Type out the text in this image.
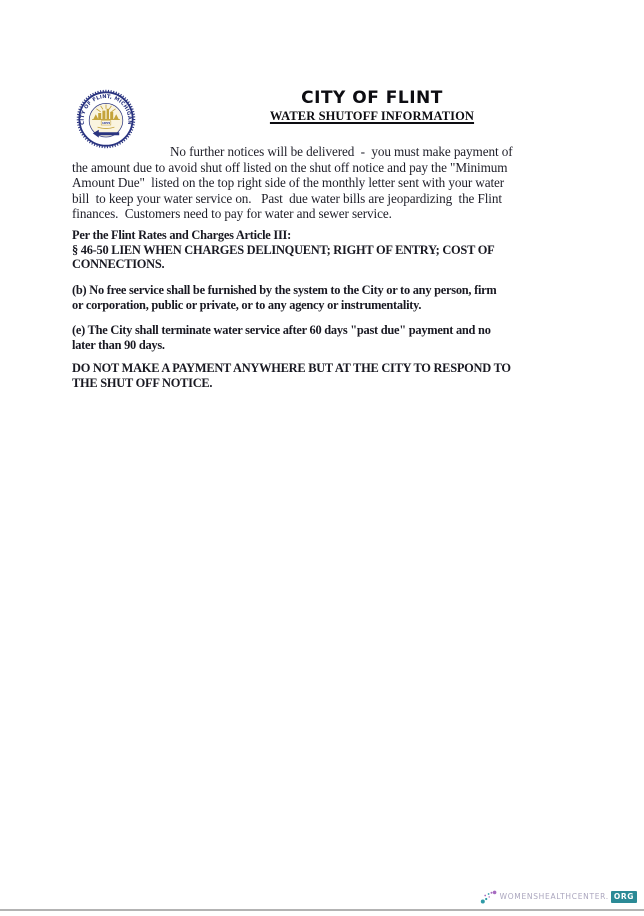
CITY OF FLINT, MICHIGAN
1855
CITY OF FLINT
WATER SHUTOFF INFORMATION
No further notices will be delivered  -  you must make payment of
the amount due to avoid shut off listed on the shut off notice and pay the "Minimum
Amount Due"  listed on the top right side of the monthly letter sent with your water
bill  to keep your water service on.   Past  due water bills are jeopardizing  the Flint
finances.  Customers need to pay for water and sewer service.
Per the Flint Rates and Charges Article III:
§ 46-50 LIEN WHEN CHARGES DELINQUENT; RIGHT OF ENTRY; COST OF
CONNECTIONS.
(b) No free service shall be furnished by the system to the City or to any person, firm
or corporation, public or private, or to any agency or instrumentality.
(e) The City shall terminate water service after 60 days "past due" payment and no
later than 90 days.
DO NOT MAKE A PAYMENT ANYWHERE BUT AT THE CITY TO RESPOND TO
THE SHUT OFF NOTICE.
WOMENSHEALTHCENTER. ORG
